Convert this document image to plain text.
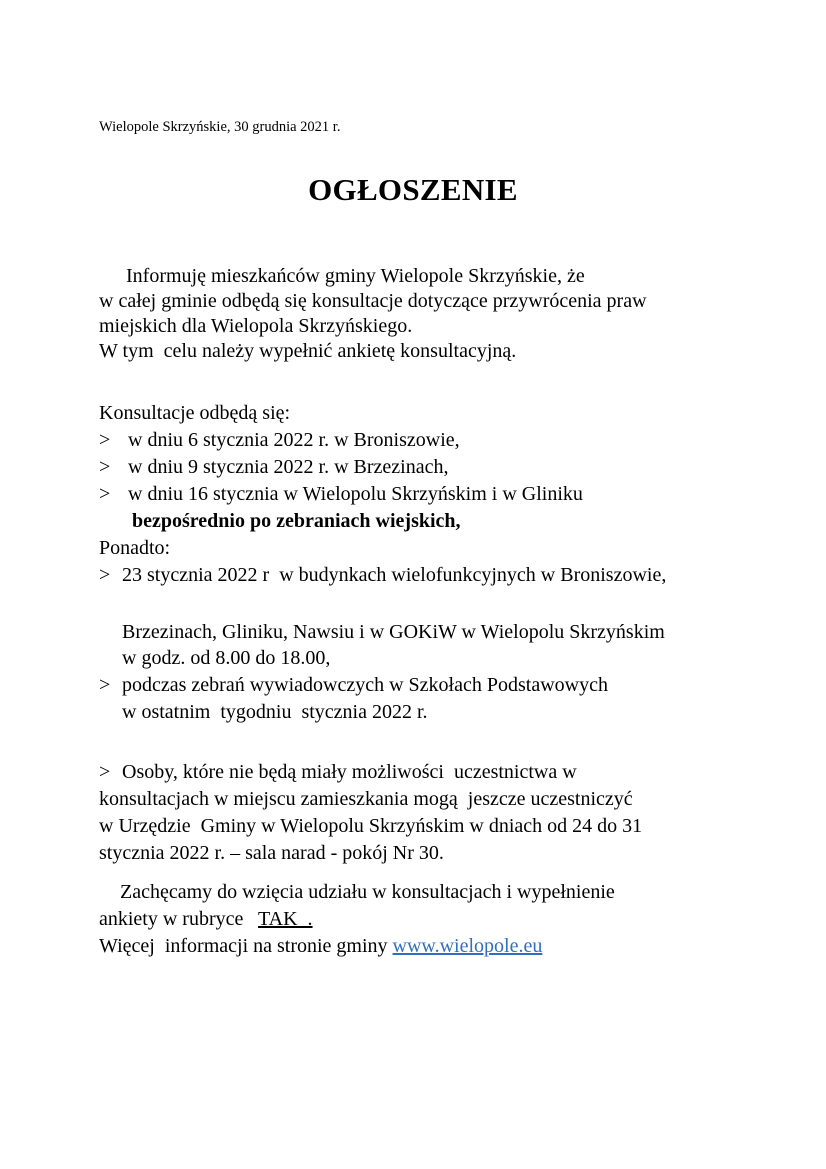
Wielopole Skrzyńskie, 30 grudnia 2021 r.
OGŁOSZENIE
Informuję mieszkańców gminy Wielopole Skrzyńskie, że
w całej gminie odbędą się konsultacje dotyczące przywrócenia praw
miejskich dla Wielopola Skrzyńskiego.
W tym  celu należy wypełnić ankietę konsultacyjną.
Konsultacje odbędą się:
> w dniu 6 stycznia 2022 r. w Broniszowie,
> w dniu 9 stycznia 2022 r. w Brzezinach,
> w dniu 16 stycznia w Wielopolu Skrzyńskim i w Gliniku
bezpośrednio po zebraniach wiejskich,
Ponadto:
> 23 stycznia 2022 r  w budynkach wielofunkcyjnych w Broniszowie,
Brzezinach, Gliniku, Nawsiu i w GOKiW w Wielopolu Skrzyńskim
w godz. od 8.00 do 18.00,
> podczas zebrań wywiadowczych w Szkołach Podstawowych
w ostatnim  tygodniu  stycznia 2022 r.
> Osoby, które nie będą miały możliwości  uczestnictwa w
konsultacjach w miejscu zamieszkania mogą  jeszcze uczestniczyć
w Urzędzie  Gminy w Wielopolu Skrzyńskim w dniach od 24 do 31
stycznia 2022 r. – sala narad - pokój Nr 30.
Zachęcamy do wzięcia udziału w konsultacjach i wypełnienie
ankiety w rubryce   TAK  .
Więcej  informacji na stronie gminy www.wielopole.eu
